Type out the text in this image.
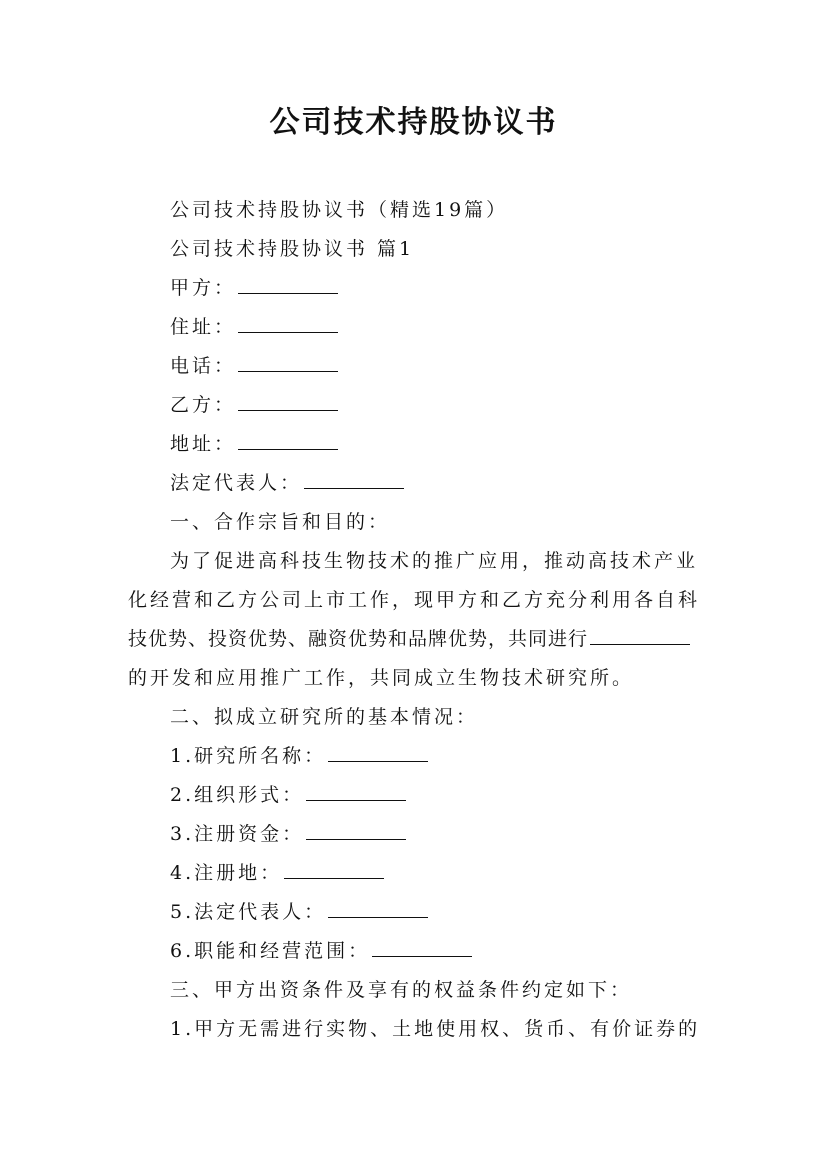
公司技术持股协议书
公司技术持股协议书（精选19篇）
公司技术持股协议书 篇1
甲方：
住址：
电话：
乙方：
地址：
法定代表人：
一、合作宗旨和目的：
为了促进高科技生物技术的推广应用，推动高技术产业
化经营和乙方公司上市工作，现甲方和乙方充分利用各自科
技优势、投资优势、融资优势和品牌优势，共同进行
的开发和应用推广工作，共同成立生物技术研究所。
二、拟成立研究所的基本情况：
1.研究所名称：
2.组织形式：
3.注册资金：
4.注册地：
5.法定代表人：
6.职能和经营范围：
三、甲方出资条件及享有的权益条件约定如下：
1.甲方无需进行实物、土地使用权、货币、有价证券的
